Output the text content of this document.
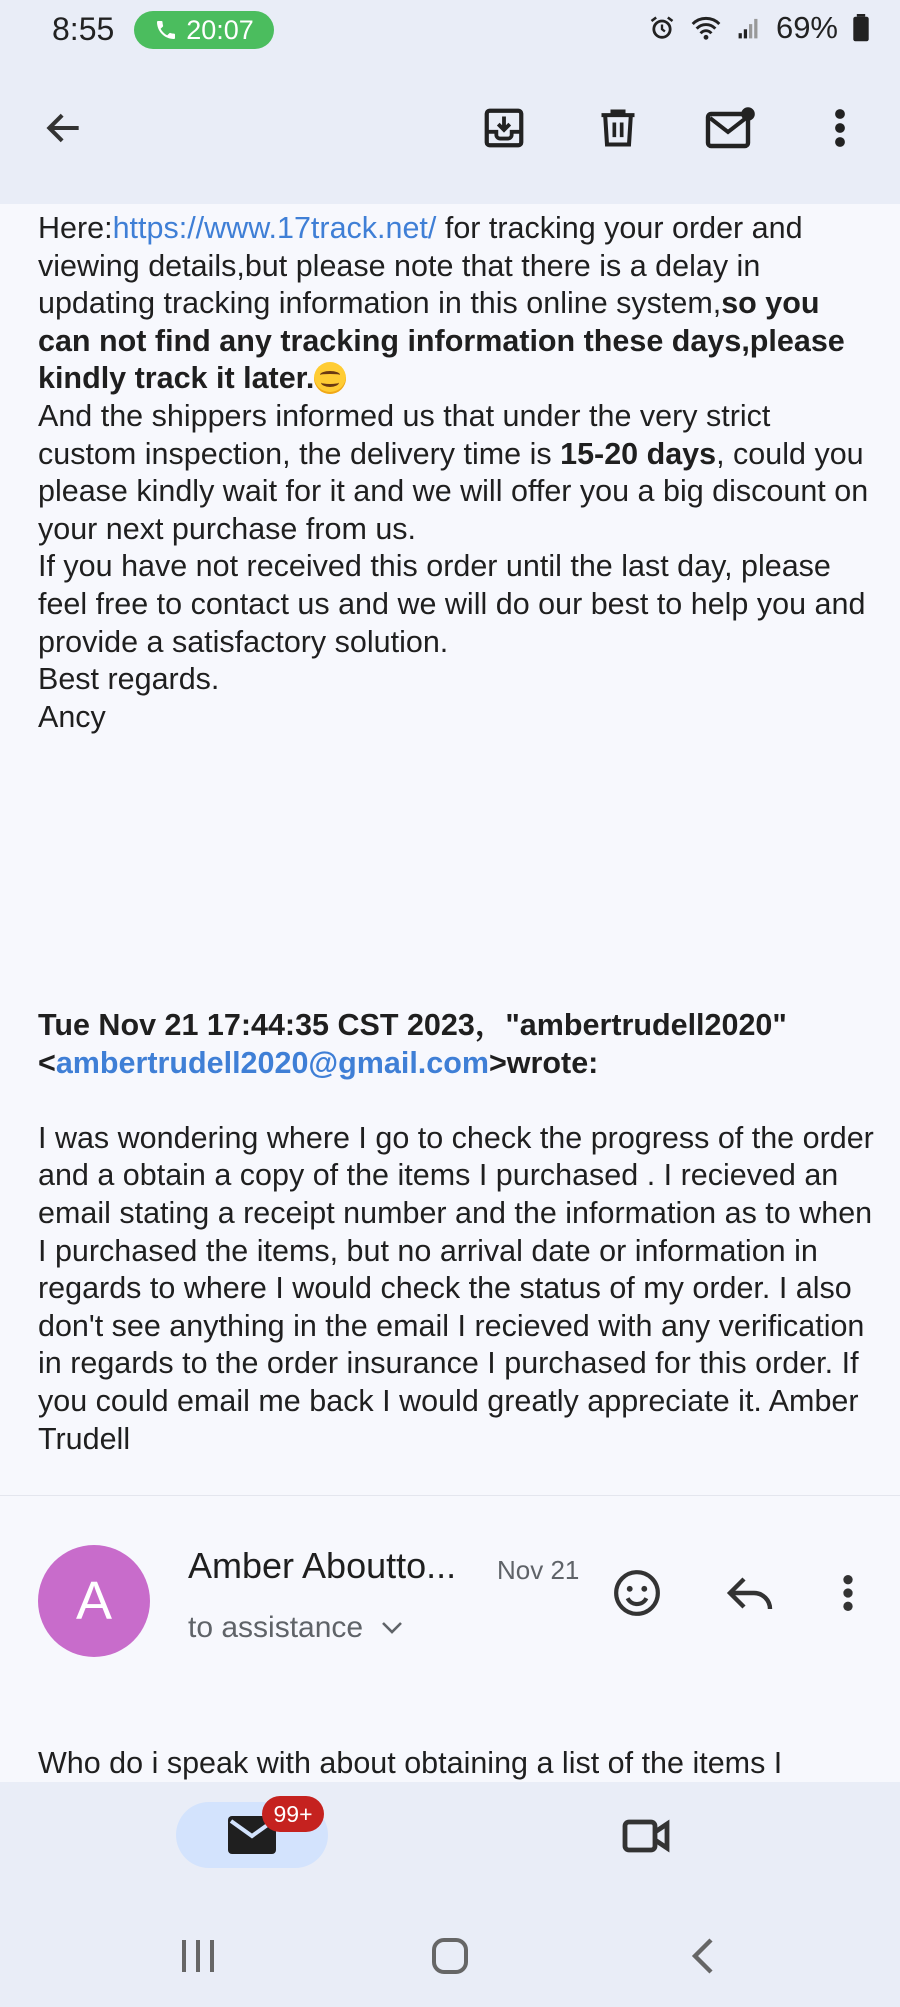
8:55	20:07	69%
Here:https://www.17track.net/ for tracking your order and viewing details,but please note that there is a delay in updating tracking information in this online system,so you can not find any tracking information these days,please kindly track it later.
And the shippers informed us that under the very strict custom inspection, the delivery time is 15-20 days, could you please kindly wait for it and we will offer you a big discount on your next purchase from us.
If you have not received this order until the last day, please feel free to contact us and we will do our best to help you and provide a satisfactory solution.
Best regards.
Ancy
Tue Nov 21 17:44:35 CST 2023，"ambertrudell2020"
<ambertrudell2020@gmail.com>wrote:
I was wondering where I go to check the progress of the order and a obtain a copy of the items I purchased . I recieved an email stating a receipt number and the information as to when I purchased the items, but no arrival date or information in regards to where I would check the status of my order. I also don't see anything in the email I recieved with any verification in regards to the order insurance I purchased for this order. If you could email me back I would greatly appreciate it. Amber Trudell
A
Amber Aboutto... Nov 21
to assistance
Who do i speak with about obtaining a list of the items I
99+
